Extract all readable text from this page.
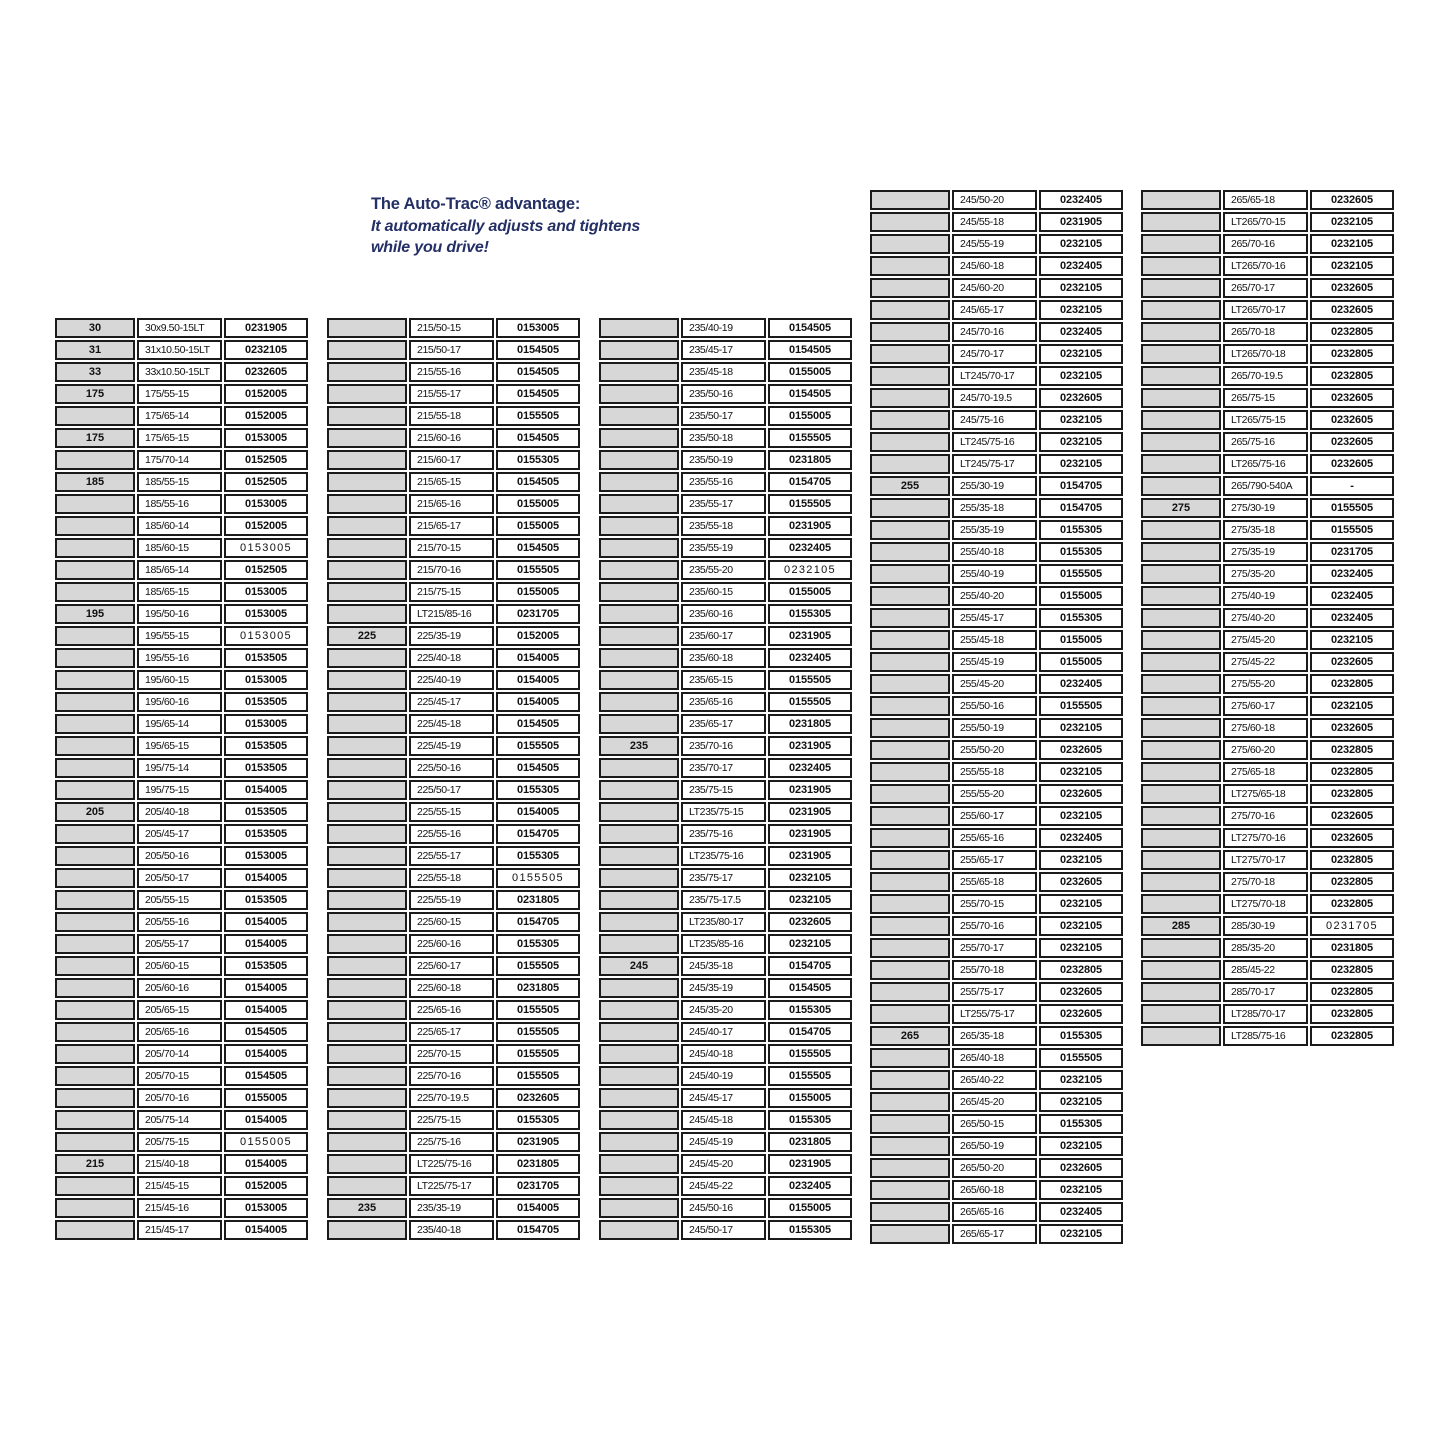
The Auto-Trac® advantage:
It automatically adjusts and tightens
while you drive!
30	30x9.50-15LT	0231905
31	31x10.50-15LT	0232105
33	33x10.50-15LT	0232605
175	175/55-15	0152005
175/65-14	0152005
175	175/65-15	0153005
175/70-14	0152505
185	185/55-15	0152505
185/55-16	0153005
185/60-14	0152005
185/60-15	0153005
185/65-14	0152505
185/65-15	0153005
195	195/50-16	0153005
195/55-15	0153005
195/55-16	0153505
195/60-15	0153005
195/60-16	0153505
195/65-14	0153005
195/65-15	0153505
195/75-14	0153505
195/75-15	0154005
205	205/40-18	0153505
205/45-17	0153505
205/50-16	0153005
205/50-17	0154005
205/55-15	0153505
205/55-16	0154005
205/55-17	0154005
205/60-15	0153505
205/60-16	0154005
205/65-15	0154005
205/65-16	0154505
205/70-14	0154005
205/70-15	0154505
205/70-16	0155005
205/75-14	0154005
205/75-15	0155005
215	215/40-18	0154005
215/45-15	0152005
215/45-16	0153005
215/45-17	0154005
215/50-15	0153005
215/50-17	0154505
215/55-16	0154505
215/55-17	0154505
215/55-18	0155505
215/60-16	0154505
215/60-17	0155305
215/65-15	0154505
215/65-16	0155005
215/65-17	0155005
215/70-15	0154505
215/70-16	0155505
215/75-15	0155005
LT215/85-16	0231705
225	225/35-19	0152005
225/40-18	0154005
225/40-19	0154005
225/45-17	0154005
225/45-18	0154505
225/45-19	0155505
225/50-16	0154505
225/50-17	0155305
225/55-15	0154005
225/55-16	0154705
225/55-17	0155305
225/55-18	0155505
225/55-19	0231805
225/60-15	0154705
225/60-16	0155305
225/60-17	0155505
225/60-18	0231805
225/65-16	0155505
225/65-17	0155505
225/70-15	0155505
225/70-16	0155505
225/70-19.5	0232605
225/75-15	0155305
225/75-16	0231905
LT225/75-16	0231805
LT225/75-17	0231705
235	235/35-19	0154005
235/40-18	0154705
235/40-19	0154505
235/45-17	0154505
235/45-18	0155005
235/50-16	0154505
235/50-17	0155005
235/50-18	0155505
235/50-19	0231805
235/55-16	0154705
235/55-17	0155505
235/55-18	0231905
235/55-19	0232405
235/55-20	0232105
235/60-15	0155005
235/60-16	0155305
235/60-17	0231905
235/60-18	0232405
235/65-15	0155505
235/65-16	0155505
235/65-17	0231805
235	235/70-16	0231905
235/70-17	0232405
235/75-15	0231905
LT235/75-15	0231905
235/75-16	0231905
LT235/75-16	0231905
235/75-17	0232105
235/75-17.5	0232105
LT235/80-17	0232605
LT235/85-16	0232105
245	245/35-18	0154705
245/35-19	0154505
245/35-20	0155305
245/40-17	0154705
245/40-18	0155505
245/40-19	0155505
245/45-17	0155005
245/45-18	0155305
245/45-19	0231805
245/45-20	0231905
245/45-22	0232405
245/50-16	0155005
245/50-17	0155305
245/50-20	0232405
245/55-18	0231905
245/55-19	0232105
245/60-18	0232405
245/60-20	0232105
245/65-17	0232105
245/70-16	0232405
245/70-17	0232105
LT245/70-17	0232105
245/70-19.5	0232605
245/75-16	0232105
LT245/75-16	0232105
LT245/75-17	0232105
255	255/30-19	0154705
255/35-18	0154705
255/35-19	0155305
255/40-18	0155305
255/40-19	0155505
255/40-20	0155005
255/45-17	0155305
255/45-18	0155005
255/45-19	0155005
255/45-20	0232405
255/50-16	0155505
255/50-19	0232105
255/50-20	0232605
255/55-18	0232105
255/55-20	0232605
255/60-17	0232105
255/65-16	0232405
255/65-17	0232105
255/65-18	0232605
255/70-15	0232105
255/70-16	0232105
255/70-17	0232105
255/70-18	0232805
255/75-17	0232605
LT255/75-17	0232605
265	265/35-18	0155305
265/40-18	0155505
265/40-22	0232105
265/45-20	0232105
265/50-15	0155305
265/50-19	0232105
265/50-20	0232605
265/60-18	0232105
265/65-16	0232405
265/65-17	0232105
265/65-18	0232605
LT265/70-15	0232105
265/70-16	0232105
LT265/70-16	0232105
265/70-17	0232605
LT265/70-17	0232605
265/70-18	0232805
LT265/70-18	0232805
265/70-19.5	0232805
265/75-15	0232605
LT265/75-15	0232605
265/75-16	0232605
LT265/75-16	0232605
265/790-540A	-
275	275/30-19	0155505
275/35-18	0155505
275/35-19	0231705
275/35-20	0232405
275/40-19	0232405
275/40-20	0232405
275/45-20	0232105
275/45-22	0232605
275/55-20	0232805
275/60-17	0232105
275/60-18	0232605
275/60-20	0232805
275/65-18	0232805
LT275/65-18	0232805
275/70-16	0232605
LT275/70-16	0232605
LT275/70-17	0232805
275/70-18	0232805
LT275/70-18	0232805
285	285/30-19	0231705
285/35-20	0231805
285/45-22	0232805
285/70-17	0232805
LT285/70-17	0232805
LT285/75-16	0232805
